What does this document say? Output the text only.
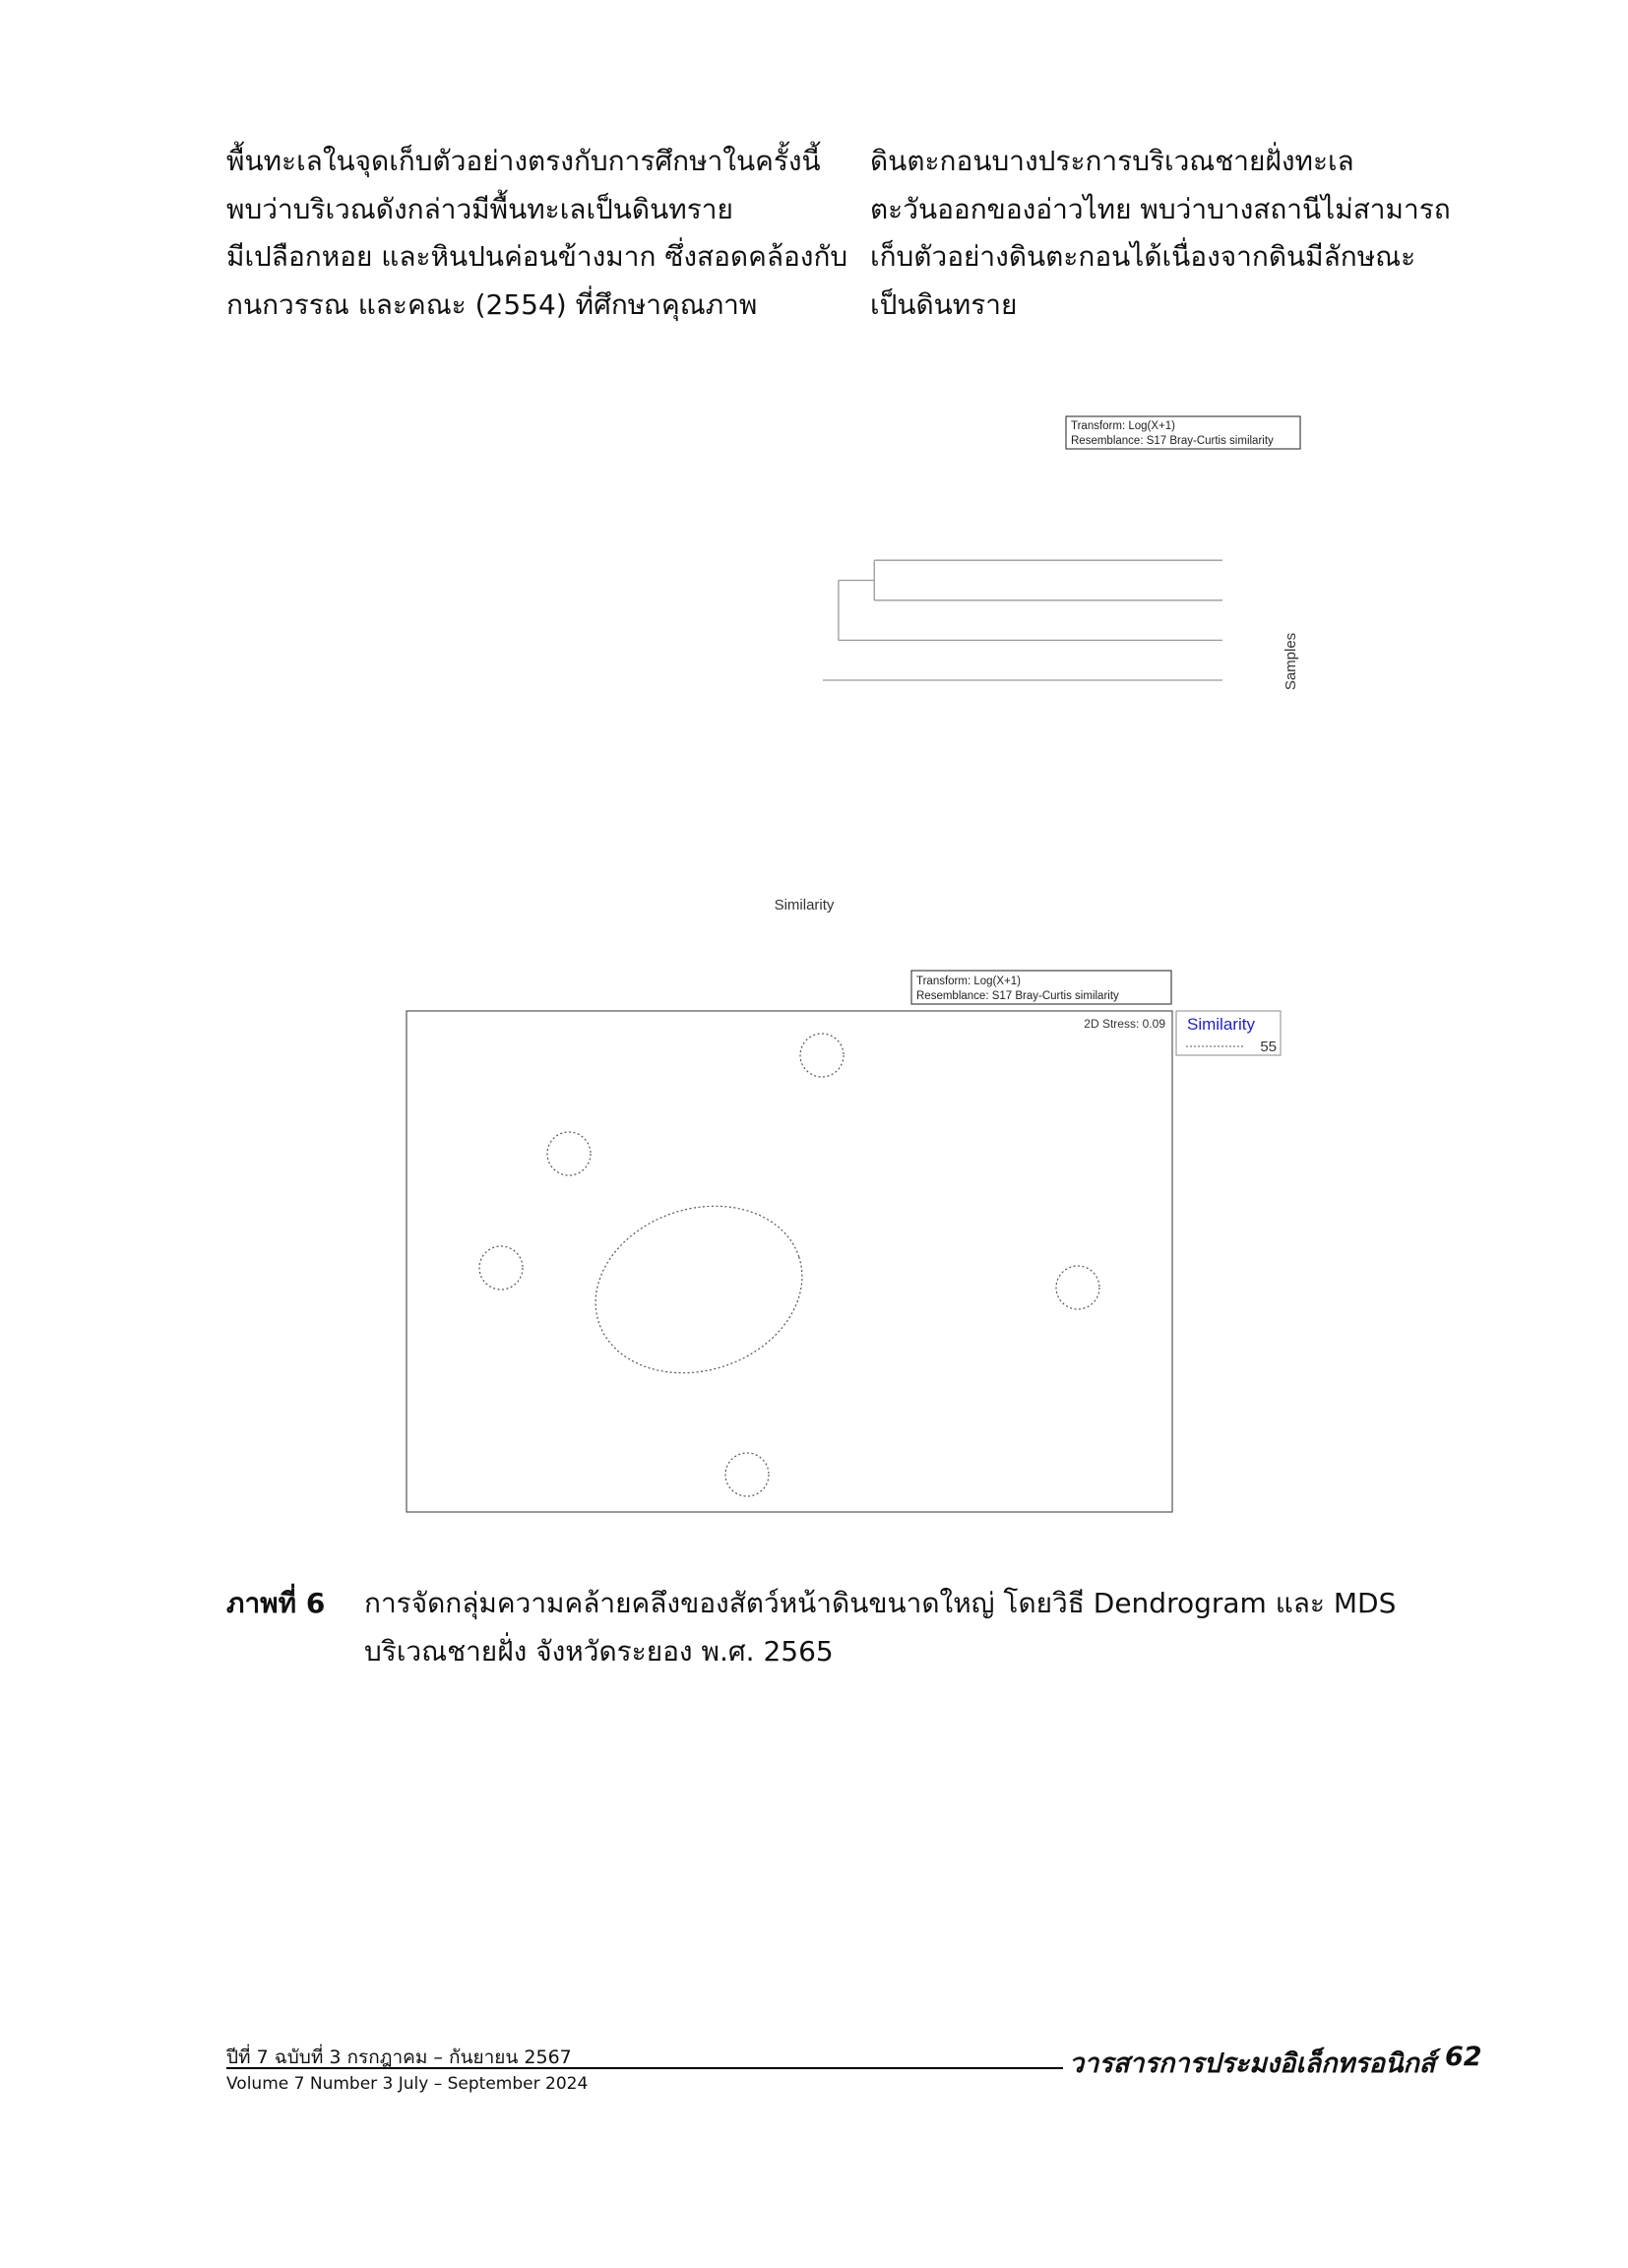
พื้นทะเลในจุดเก็บตัวอย่างตรงกับการศึกษาในครั้งนี้
พบว่าบริเวณดังกล่าวมีพื้นทะเลเป็นดินทราย
มีเปลือกหอย และหินปนค่อนข้างมาก ซึ่งสอดคล้องกับ
กนกวรรณ และคณะ (2554) ที่ศึกษาคุณภาพ
ดินตะกอนบางประการบริเวณชายฝั่งทะเล
ตะวันออกของอ่าวไทย พบว่าบางสถานีไม่สามารถ
เก็บตัวอย่างดินตะกอนได้เนื่องจากดินมีลักษณะ
เป็นดินทราย
Transform: Log(X+1)
Resemblance: S17 Bray-Curtis similarity
Similarity
Samples
Transform: Log(X+1)
Resemblance: S17 Bray-Curtis similarity
2D Stress: 0.09 Similarity
55
ภาพที่ 6 การจัดกลุ่มความคล้ายคลึงของสัตว์หน้าดินขนาดใหญ่ โดยวิธี Dendrogram และ MDS
บริเวณชายฝั่ง จังหวัดระยอง พ.ศ. 2565
ปีที่ 7 ฉบับที่ 3 กรกฎาคม – กันยายน 2567
Volume 7 Number 3 July – September 2024
วารสารการประมงอิเล็กทรอนิกส์ 62
